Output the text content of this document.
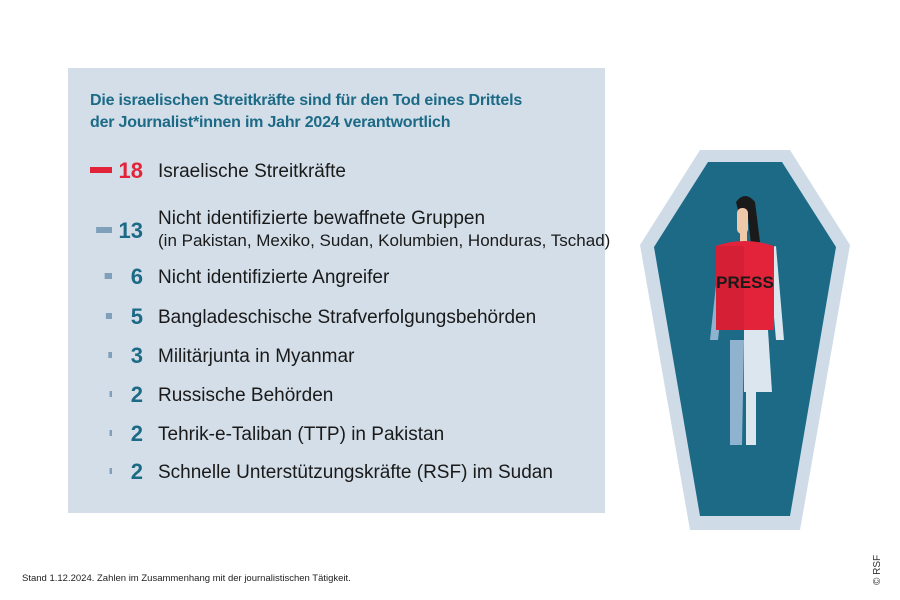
Die israelischen Streitkräfte sind für den Tod eines Drittels
der Journalist*innen im Jahr 2024 verantwortlich
18 Israelische Streitkräfte
13 Nicht identifizierte bewaffnete Gruppen
(in Pakistan, Mexiko, Sudan, Kolumbien, Honduras, Tschad)
6 Nicht identifizierte Angreifer
5 Bangladeschische Strafverfolgungsbehörden
3 Militärjunta in Myanmar
2 Russische Behörden
2 Tehrik-e-Taliban (TTP) in Pakistan
2 Schnelle Unterstützungskräfte (RSF) im Sudan
PRESS
Stand 1.12.2024. Zahlen im Zusammenhang mit der journalistischen Tätigkeit.	© RSF
